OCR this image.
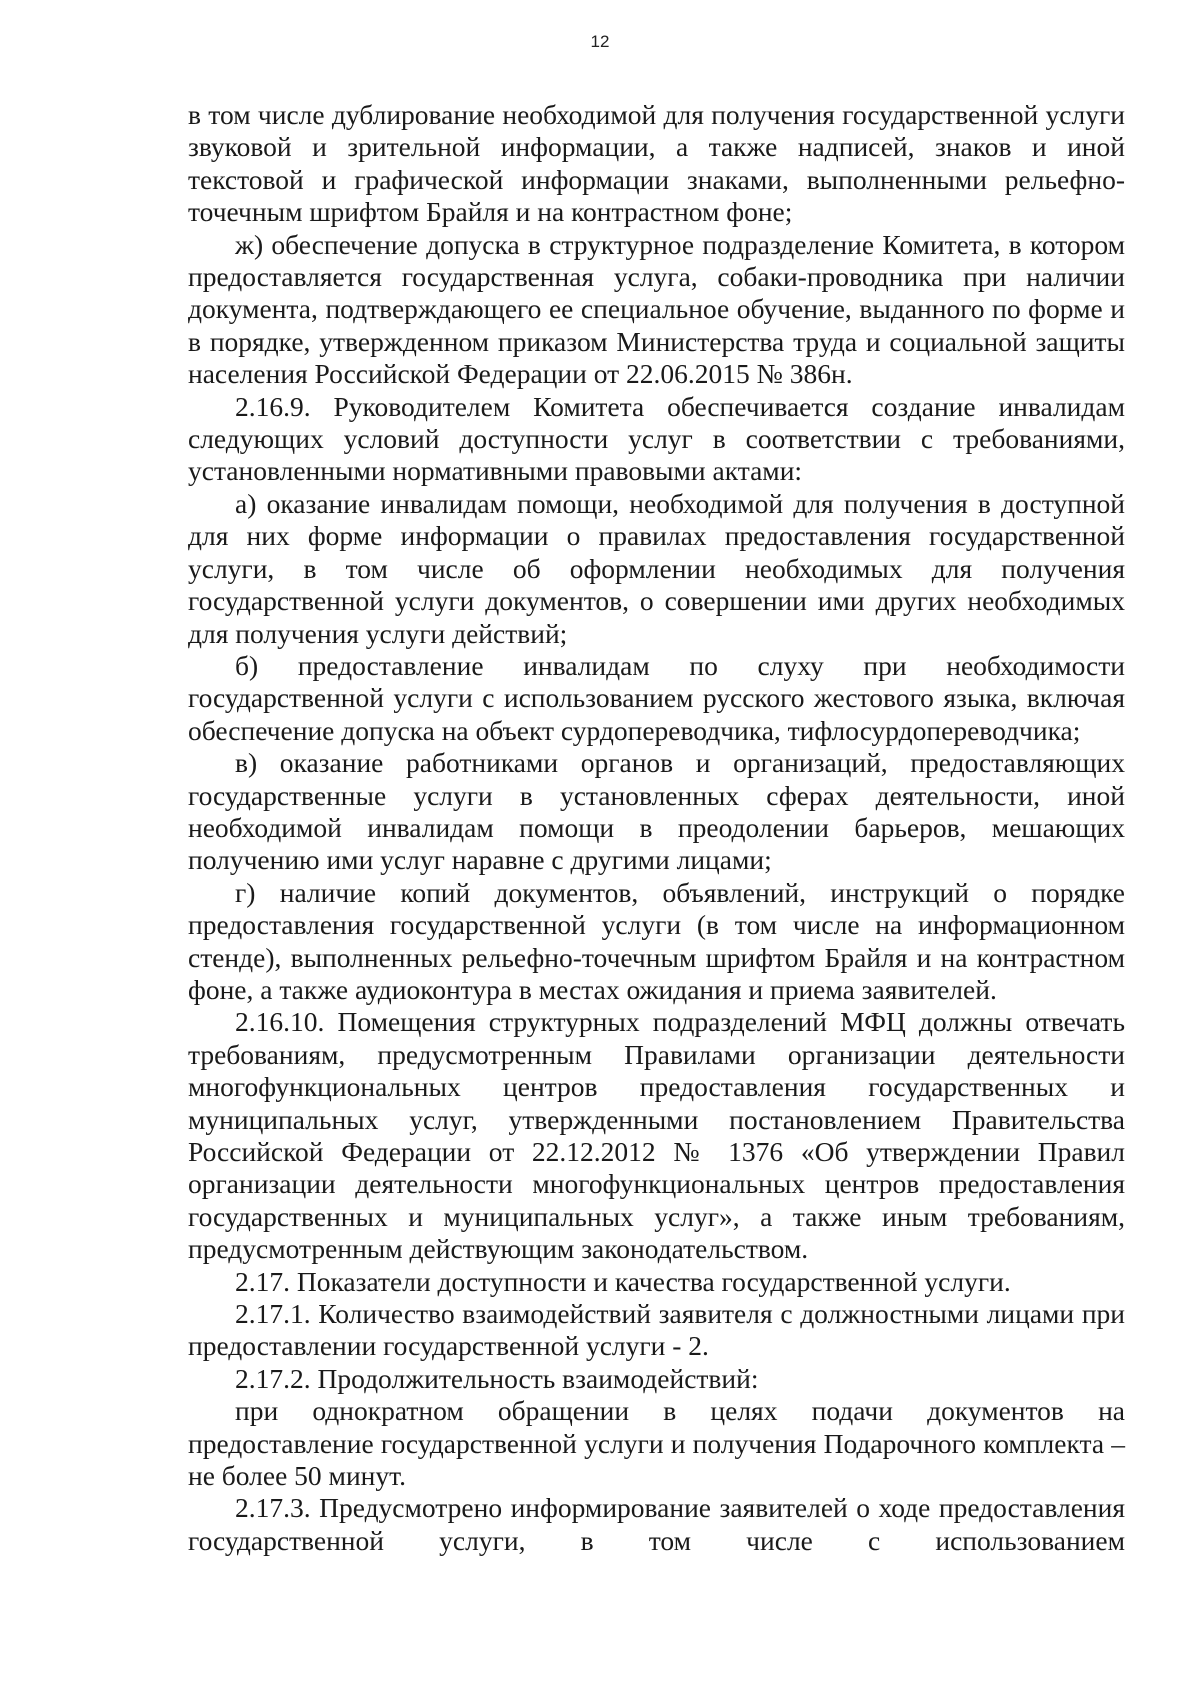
12

в том числе дублирование необходимой для получения государственной услуги звуковой и зрительной информации, а также надписей, знаков и иной текстовой и графической информации знаками, выполненными рельефно-точечным шрифтом Брайля и на контрастном фоне;

ж) обеспечение допуска в структурное подразделение Комитета, в котором предоставляется государственная услуга, собаки-проводника при наличии документа, подтверждающего ее специальное обучение, выданного по форме и в порядке, утвержденном приказом Министерства труда и социальной защиты населения Российской Федерации от 22.06.2015 № 386н.

2.16.9. Руководителем Комитета обеспечивается создание инвалидам следующих условий доступности услуг в соответствии с требованиями, установленными нормативными правовыми актами:

а) оказание инвалидам помощи, необходимой для получения в доступной для них форме информации о правилах предоставления государственной услуги, в том числе об оформлении необходимых для получения государственной услуги документов, о совершении ими других необходимых для получения услуги действий;

б) предоставление инвалидам по слуху при необходимости государственной услуги с использованием русского жестового языка, включая обеспечение допуска на объект сурдопереводчика, тифлосурдопереводчика;

в) оказание работниками органов и организаций, предоставляющих государственные услуги в установленных сферах деятельности, иной необходимой инвалидам помощи в преодолении барьеров, мешающих получению ими услуг наравне с другими лицами;

г) наличие копий документов, объявлений, инструкций о порядке предоставления государственной услуги (в том числе на информационном стенде), выполненных рельефно-точечным шрифтом Брайля и на контрастном фоне, а также аудиоконтура в местах ожидания и приема заявителей.

2.16.10. Помещения структурных подразделений МФЦ должны отвечать требованиям, предусмотренным Правилами организации деятельности многофункциональных центров предоставления государственных и муниципальных услуг, утвержденными постановлением Правительства Российской Федерации от 22.12.2012 № 1376 «Об утверждении Правил организации деятельности многофункциональных центров предоставления государственных и муниципальных услуг», а также иным требованиям, предусмотренным действующим законодательством.

2.17. Показатели доступности и качества государственной услуги.

2.17.1. Количество взаимодействий заявителя с должностными лицами при предоставлении государственной услуги - 2.

2.17.2. Продолжительность взаимодействий:

при однократном обращении в целях подачи документов на предоставление государственной услуги и получения Подарочного комплекта – не более 50 минут.

2.17.3. Предусмотрено информирование заявителей о ходе предоставления государственной услуги, в том числе с использованием
